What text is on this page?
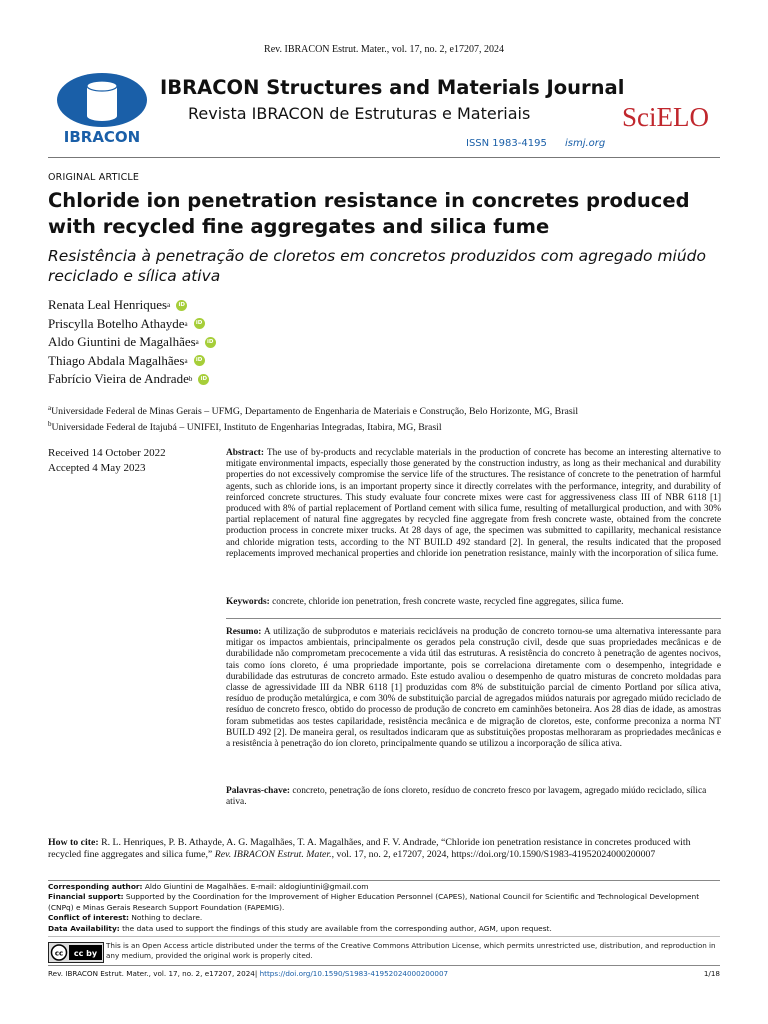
Rev. IBRACON Estrut. Mater., vol. 17, no. 2, e17207, 2024
IBRACON
IBRACON Structures and Materials Journal
Revista IBRACON de Estruturas e Materiais
ISSN 1983-4195 ismj.org
SciELO
ORIGINAL ARTICLE
Chloride ion penetration resistance in concretes produced with recycled fine aggregates and silica fume
Resistência à penetração de cloretos em concretos produzidos com agregado miúdo reciclado e sílica ativa
Renata Leal Henriques a	iD
Priscylla Botelho Athayde a	iD
Aldo Giuntini de Magalhães a	iD
Thiago Abdala Magalhães a	iD
Fabrício Vieira de Andrade b	iD
$^a$Universidade Federal de Minas Gerais – UFMG, Departamento de Engenharia de Materiais e Construção, Belo Horizonte, MG, Brasil
$^b$Universidade Federal de Itajubá – UNIFEI, Instituto de Engenharias Integradas, Itabira, MG, Brasil
Received 14 October 2022
Accepted 4 May 2023
Abstract: The use of by-products and recyclable materials in the production of concrete has become an interesting alternative to mitigate environmental impacts, especially those generated by the construction industry, as long as their mechanical and durability properties do not excessively compromise the service life of the structures. The resistance of concrete to the penetration of harmful agents, such as chloride ions, is an important property since it directly correlates with the performance, integrity, and durability of reinforced concrete structures. This study evaluate four concrete mixes were cast for aggressiveness class III of NBR 6118 [1] produced with 8% of partial replacement of Portland cement with silica fume, resulting of metallurgical production, and with 30% partial replacement of natural fine aggregates by recycled fine aggregate from fresh concrete waste, obtained from the concrete production process in concrete mixer trucks. At 28 days of age, the specimen was submitted to capillarity, mechanical resistance and chloride migration tests, according to the NT BUILD 492 standard [2]. In general, the results indicated that the proposed replacements improved mechanical properties and chloride ion penetration resistance, mainly with the incorporation of silica fume.
Keywords: concrete, chloride ion penetration, fresh concrete waste, recycled fine aggregates, silica fume.
Resumo: A utilização de subprodutos e materiais recicláveis na produção de concreto tornou-se uma alternativa interessante para mitigar os impactos ambientais, principalmente os gerados pela construção civil, desde que suas propriedades mecânicas e de durabilidade não comprometam precocemente a vida útil das estruturas. A resistência do concreto à penetração de agentes nocivos, tais como íons cloreto, é uma propriedade importante, pois se correlaciona diretamente com o desempenho, integridade e durabilidade das estruturas de concreto armado. Este estudo avaliou o desempenho de quatro misturas de concreto moldadas para classe de agressividade III da NBR 6118 [1] produzidas com 8% de substituição parcial de cimento Portland por sílica ativa, resíduo de produção metalúrgica, e com 30% de substituição parcial de agregados miúdos naturais por agregado miúdo reciclado de resíduo de concreto fresco, obtido do processo de produção de concreto em caminhões betoneira. Aos 28 dias de idade, as amostras foram submetidas aos testes capilaridade, resistência mecânica e de migração de cloretos, este, conforme preconiza a norma NT BUILD 492 [2]. De maneira geral, os resultados indicaram que as substituições propostas melhoraram as propriedades mecânicas e a resistência à penetração do íon cloreto, principalmente quando se utilizou a incorporação de sílica ativa.
Palavras-chave: concreto, penetração de íons cloreto, resíduo de concreto fresco por lavagem, agregado miúdo reciclado, sílica ativa.
How to cite: R. L. Henriques, P. B. Athayde, A. G. Magalhães, T. A. Magalhães, and F. V. Andrade, “Chloride ion penetration resistance in concretes produced with recycled fine aggregates and silica fume,” Rev. IBRACON Estrut. Mater., vol. 17, no. 2, e17207, 2024, https://doi.org/10.1590/S1983-41952024000200007
Corresponding author: Aldo Giuntini de Magalhães. E-mail: aldogiuntini@gmail.com
Financial support: Supported by the Coordination for the Improvement of Higher Education Personnel (CAPES), National Council for Scientific and Technological Development (CNPq) e Minas Gerais Research Support Foundation (FAPEMIG).
Conflict of interest: Nothing to declare.
Data Availability: the data used to support the findings of this study are available from the corresponding author, AGM, upon request.
cc cc by
This is an Open Access article distributed under the terms of the Creative Commons Attribution License, which permits unrestricted use, distribution, and reproduction in any medium, provided the original work is properly cited.
Rev. IBRACON Estrut. Mater., vol. 17, no. 2, e17207, 2024| https://doi.org/10.1590/S1983-41952024000200007	1/18
